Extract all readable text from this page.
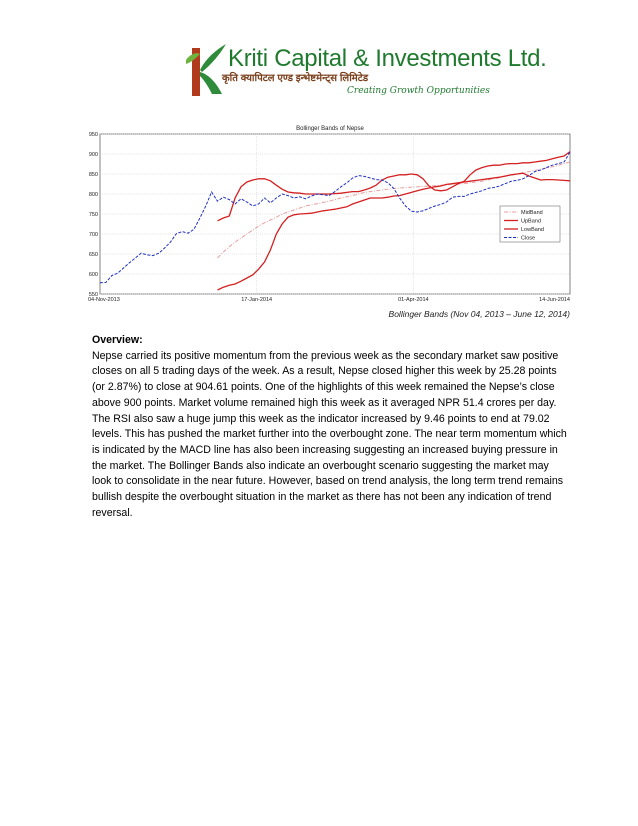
Kriti Capital & Investments Ltd.
कृति क्यापिटल एण्ड इन्भेष्टमेन्ट्स लिमिटेड
Creating Growth Opportunities
Bollinger Bands of Nepse
550
600
650
700
750
800
850
900
950
04-Nov-2013	17-Jan-2014	01-Apr-2014	14-Jun-2014
MidBand
UpBand
LowBand
Close
Bollinger Bands (Nov 04, 2013 – June 12, 2014)
Overview:

Nepse carried its positive momentum from the previous week as the secondary market saw positive closes on all 5 trading days of the week. As a result, Nepse closed higher this week by 25.28 points (or 2.87%) to close at 904.61 points. One of the highlights of this week remained the Nepse’s close above 900 points. Market volume remained high this week as it averaged NPR 51.4 crores per day. The RSI also saw a huge jump this week as the indicator increased by 9.46 points to end at 79.02 levels. This has pushed the market further into the overbought zone. The near term momentum which is indicated by the MACD line has also been increasing suggesting an increased buying pressure in the market. The Bollinger Bands also indicate an overbought scenario suggesting the market may look to consolidate in the near future. However, based on trend analysis, the long term trend remains bullish despite the overbought situation in the market as there has not been any indication of trend reversal.
